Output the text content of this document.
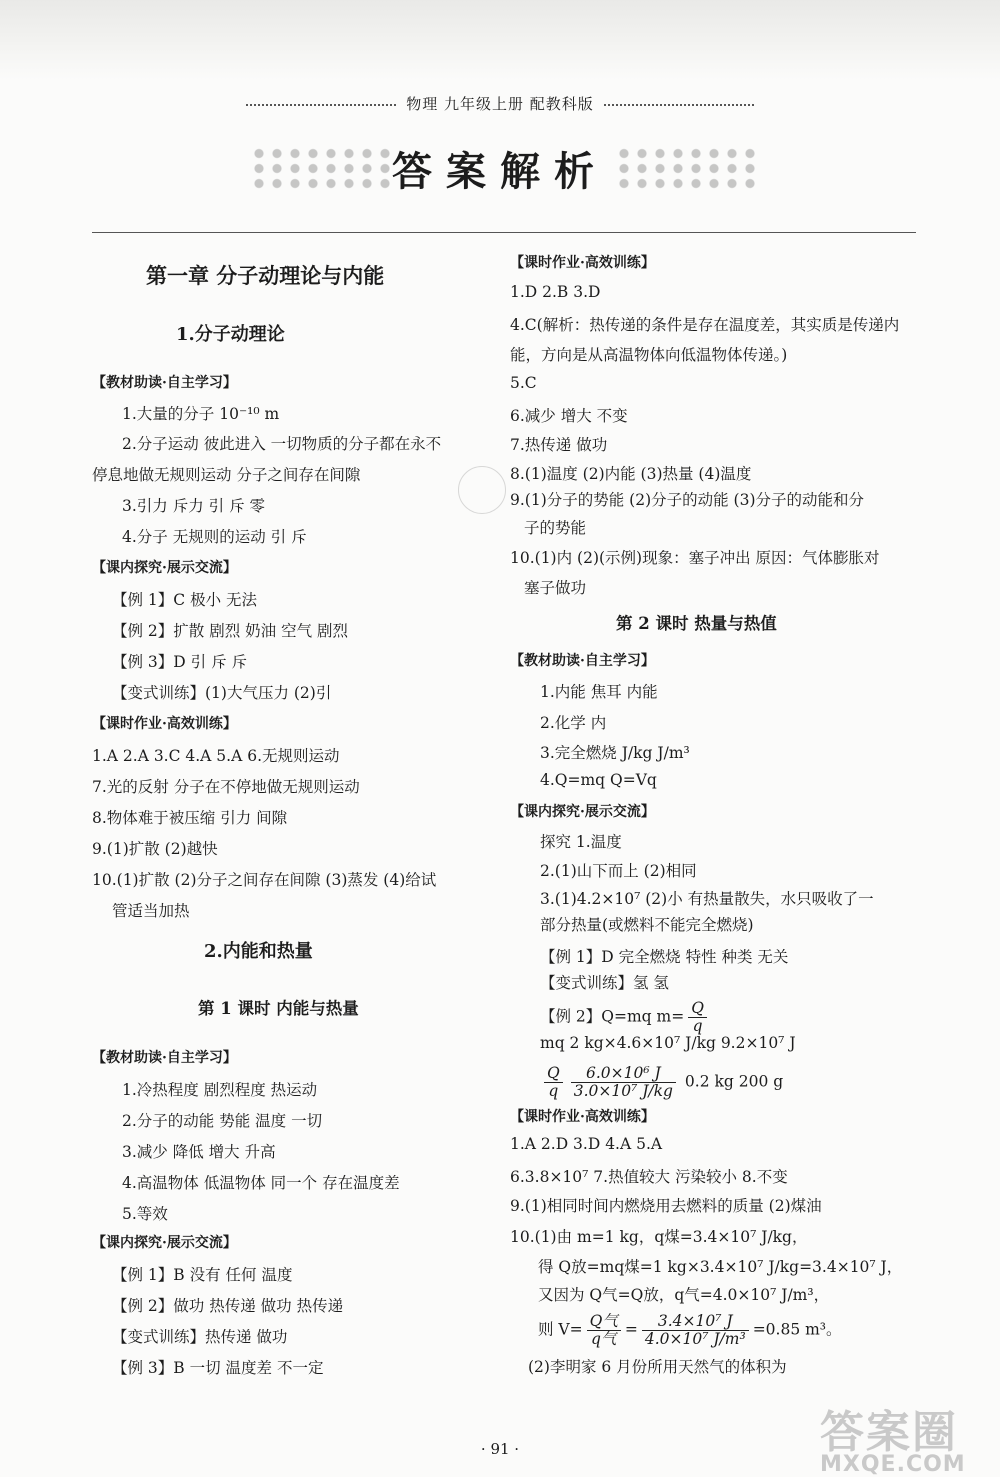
物理 九年级上册 配教科版
答案解析
第一章 分子动理论与内能
1.分子动理论
【教材助读·自主学习】
1.大量的分子 10⁻¹⁰ m
2.分子运动 彼此进入 一切物质的分子都在永不
停息地做无规则运动 分子之间存在间隙
3.引力 斥力 引 斥 零
4.分子 无规则的运动 引 斥
【课内探究·展示交流】
【例 1】C 极小 无法
【例 2】扩散 剧烈 奶油 空气 剧烈
【例 3】D 引 斥 斥
【变式训练】(1)大气压力 (2)引
【课时作业·高效训练】
1.A 2.A 3.C 4.A 5.A 6.无规则运动
7.光的反射 分子在不停地做无规则运动
8.物体难于被压缩 引力 间隙
9.(1)扩散 (2)越快
10.(1)扩散 (2)分子之间存在间隙 (3)蒸发 (4)给试
管适当加热
2.内能和热量
第 1 课时 内能与热量
【教材助读·自主学习】
1.冷热程度 剧烈程度 热运动
2.分子的动能 势能 温度 一切
3.减少 降低 增大 升高
4.高温物体 低温物体 同一个 存在温度差
5.等效
【课内探究·展示交流】
【例 1】B 没有 任何 温度
【例 2】做功 热传递 做功 热传递
【变式训练】热传递 做功
【例 3】B 一切 温度差 不一定
【课时作业·高效训练】
1.D 2.B 3.D
4.C(解析：热传递的条件是存在温度差，其实质是传递内
能，方向是从高温物体向低温物体传递。)
5.C
6.减少 增大 不变
7.热传递 做功
8.(1)温度 (2)内能 (3)热量 (4)温度
9.(1)分子的势能 (2)分子的动能 (3)分子的动能和分
子的势能
10.(1)内 (2)(示例)现象：塞子冲出 原因：气体膨胀对
塞子做功
第 2 课时 热量与热值
【教材助读·自主学习】
1.内能 焦耳 内能
2.化学 内
3.完全燃烧 J/kg J/m³
4.Q=mq Q=Vq
【课内探究·展示交流】
探究 1.温度
2.(1)山下而上 (2)相同
3.(1)4.2×10⁷ (2)小 有热量散失，水只吸收了一
部分热量(或燃料不能完全燃烧)
【例 1】D 完全燃烧 特性 种类 无关
【变式训练】氢 氢
【例 2】Q=mq $m= \frac{Q}{q}$
mq 2 kg×4.6×10⁷ J/kg 9.2×10⁷ J
$\frac{Q}{q} \frac{\text{6.0×10⁶ J}}{\text{3.0×10⁷ J/kg}} 0.2$ kg 200 g
【课时作业·高效训练】
1.A 2.D 3.D 4.A 5.A
6.3.8×10⁷ 7.热值较大 污染较小 8.不变
9.(1)相同时间内燃烧用去燃料的质量 (2)煤油
10.(1)由 m=1 kg，q煤=3.4×10⁷ J/kg，
得 Q放=mq煤=1 kg×3.4×10⁷ J/kg=3.4×10⁷ J，
又因为 Q气=Q放，q气=4.0×10⁷ J/m³，
则 $V= \frac{\text{Q气}}{\text{q气}} = \frac{\text{3.4×10⁷ J}}{\text{4.0×10⁷ J/m³}} =0.85$ m³。
(2)李明家 6 月份所用天然气的体积为
· 91 ·	答案圈
MXQE.COM
